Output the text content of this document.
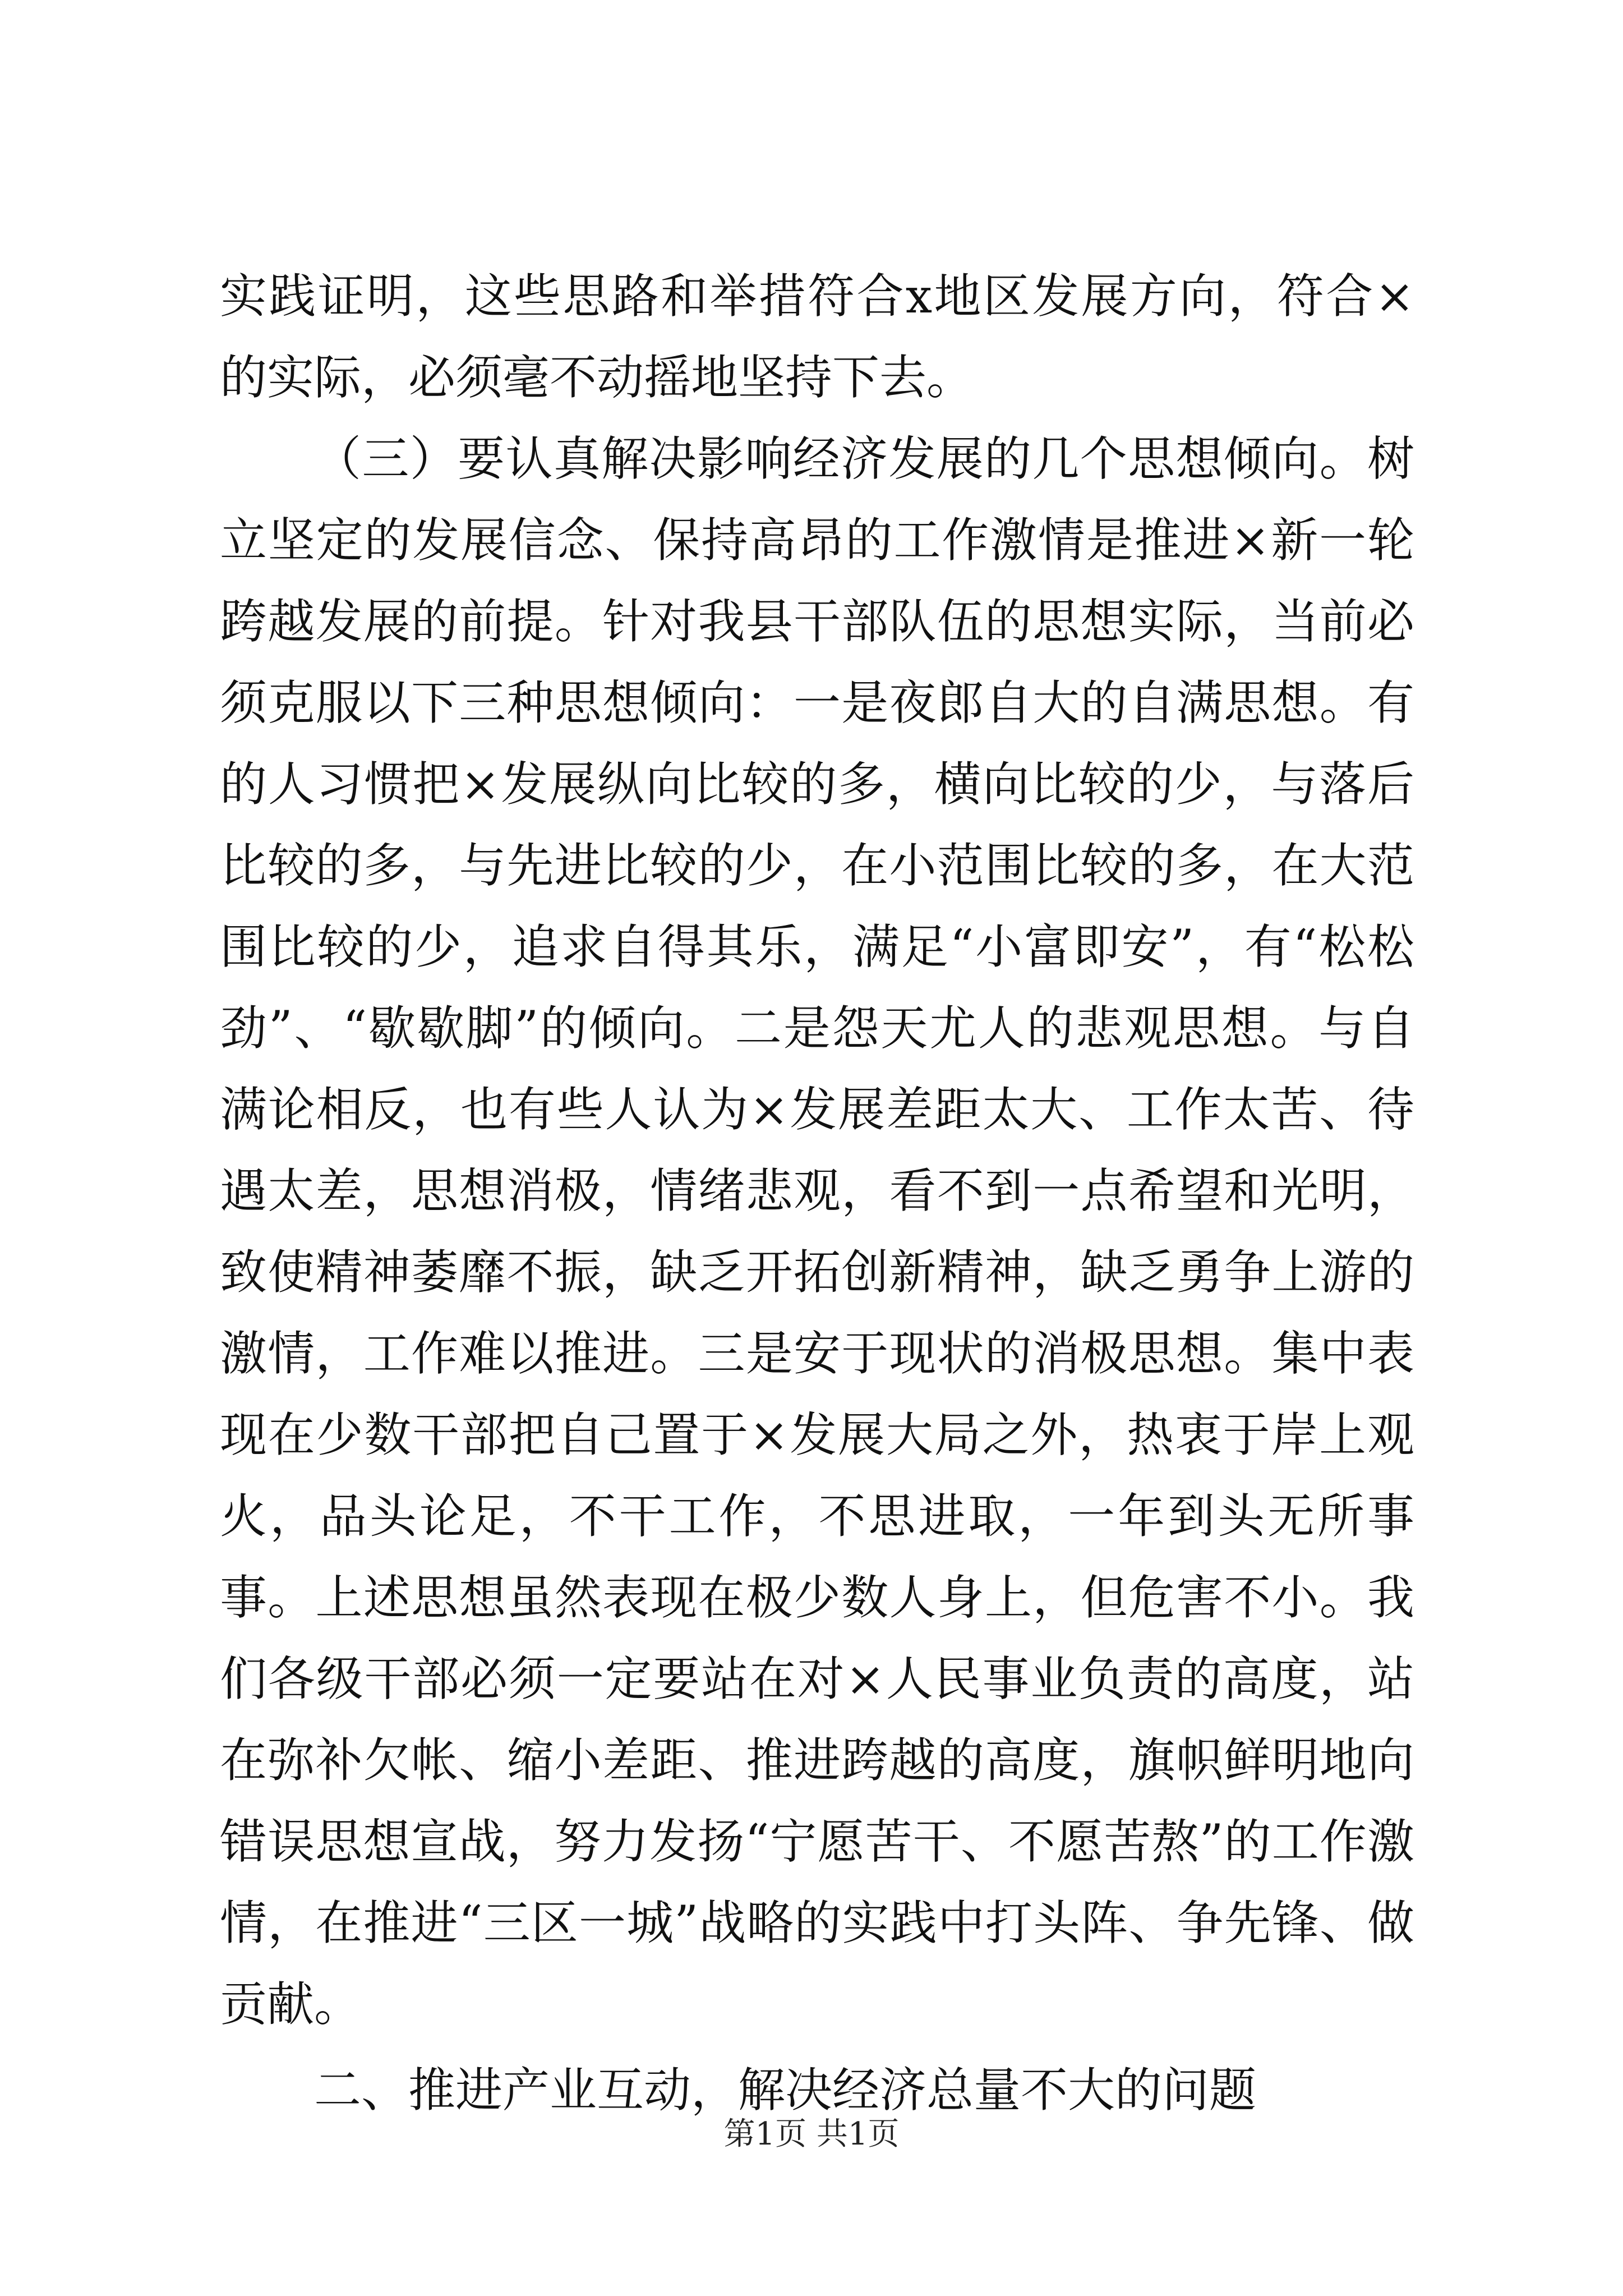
实践证明，这些思路和举措符合x地区发展方向，符合×的实际，必须毫不动摇地坚持下去。

（三）要认真解决影响经济发展的几个思想倾向。树立坚定的发展信念、保持高昂的工作激情是推进×新一轮跨越发展的前提。针对我县干部队伍的思想实际，当前必须克服以下三种思想倾向：一是夜郎自大的自满思想。有的人习惯把×发展纵向比较的多，横向比较的少，与落后比较的多，与先进比较的少，在小范围比较的多，在大范围比较的少，追求自得其乐，满足“小富即安”，有“松松劲”、“歇歇脚”的倾向。二是怨天尤人的悲观思想。与自满论相反，也有些人认为×发展差距太大、工作太苦、待遇太差，思想消极，情绪悲观，看不到一点希望和光明，致使精神萎靡不振，缺乏开拓创新精神，缺乏勇争上游的激情，工作难以推进。三是安于现状的消极思想。集中表现在少数干部把自己置于×发展大局之外，热衷于岸上观火，品头论足，不干工作，不思进取，一年到头无所事事。上述思想虽然表现在极少数人身上，但危害不小。我们各级干部必须一定要站在对×人民事业负责的高度，站在弥补欠帐、缩小差距、推进跨越的高度，旗帜鲜明地向错误思想宣战，努力发扬“宁愿苦干、不愿苦熬”的工作激情，在推进“三区一城”战略的实践中打头阵、争先锋、做贡献。

二、推进产业互动，解决经济总量不大的问题

第1页 共1页
